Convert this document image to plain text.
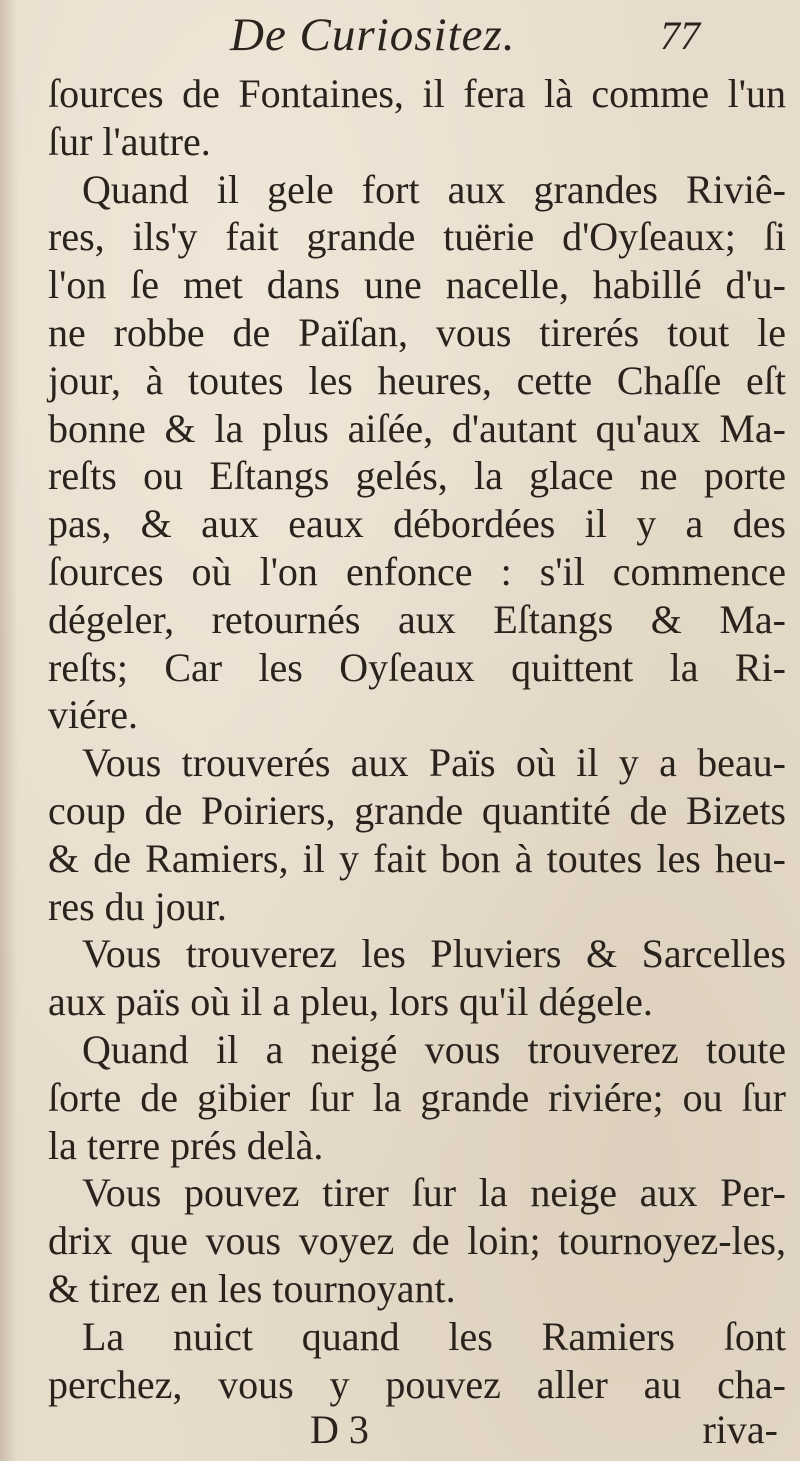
De Curiositez.	77
ſources de Fontaines, il fera là comme l'un
ſur l'autre.
Quand il gele fort aux grandes Riviê-
res, ils'y fait grande tuërie d'Oyſeaux; ſi
l'on ſe met dans une nacelle, habillé d'u-
ne robbe de Païſan, vous tirerés tout le
jour, à toutes les heures, cette Chaſſe eſt
bonne & la plus aiſée, d'autant qu'aux Ma-
reſts ou Eſtangs gelés, la glace ne porte
pas, & aux eaux débordées il y a des
ſources où l'on enfonce : s'il commence
dégeler, retournés aux Eſtangs & Ma-
reſts; Car les Oyſeaux quittent la Ri-
viére.
Vous trouverés aux Païs où il y a beau-
coup de Poiriers, grande quantité de Bizets
& de Ramiers, il y fait bon à toutes les heu-
res du jour.
Vous trouverez les Pluviers & Sarcelles
aux païs où il a pleu, lors qu'il dégele.
Quand il a neigé vous trouverez toute
ſorte de gibier ſur la grande riviére; ou ſur
la terre prés delà.
Vous pouvez tirer ſur la neige aux Per-
drix que vous voyez de loin; tournoyez-les,
& tirez en les tournoyant.
La nuict quand les Ramiers ſont
perchez, vous y pouvez aller au cha-
D 3	riva-
